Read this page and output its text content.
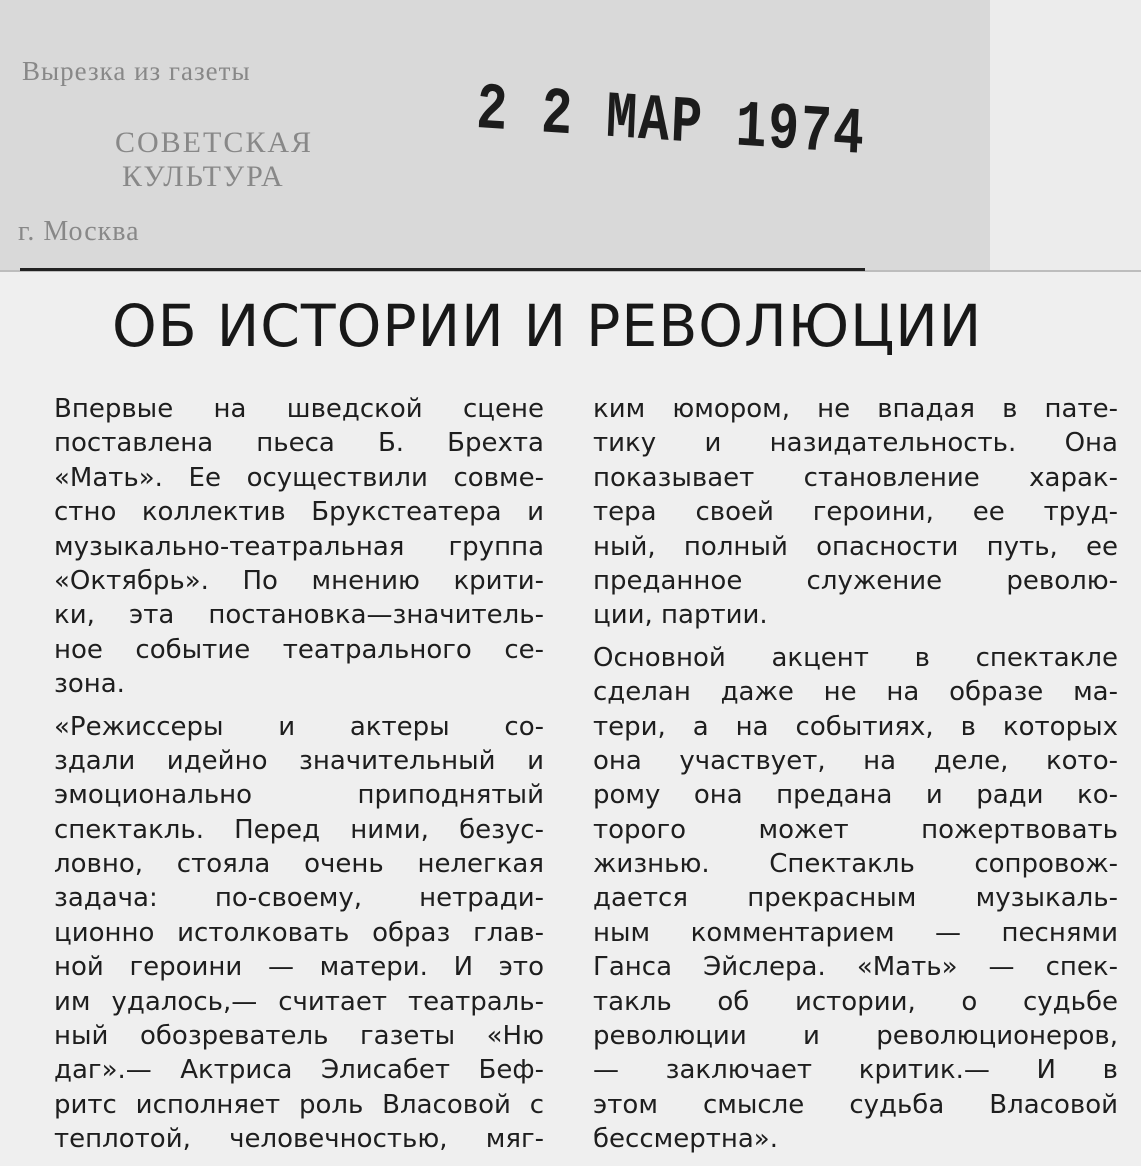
Вырезка из газеты
СОВЕТСКАЯ
КУЛЬТУРА
г. Москва
2 2 МАР 1974
ОБ ИСТОРИИ И РЕВОЛЮЦИИ
Впервые на шведской сцене
поставлена пьеса Б. Брехта
«Мать». Ее осуществили совме-
стно коллектив Брукстеатера и
музыкально-театральная группа
«Октябрь». По мнению крити-
ки, эта постановка—значитель-
ное событие театрального се-
зона.
«Режиссеры и актеры со-
здали идейно значительный и
эмоционально приподнятый
спектакль. Перед ними, безус-
ловно, стояла очень нелегкая
задача: по-своему, нетради-
ционно истолковать образ глав-
ной героини — матери. И это
им удалось,— считает театраль-
ный обозреватель газеты «Ню
даг».— Актриса Элисабет Беф-
ритс исполняет роль Власовой с
теплотой, человечностью, мяг-
ким юмором, не впадая в пате-
тику и назидательность. Она
показывает становление харак-
тера своей героини, ее труд-
ный, полный опасности путь, ее
преданное служение револю-
ции, партии.
Основной акцент в спектакле
сделан даже не на образе ма-
тери, а на событиях, в которых
она участвует, на деле, кото-
рому она предана и ради ко-
торого может пожертвовать
жизнью. Спектакль сопровож-
дается прекрасным музыкаль-
ным комментарием — песнями
Ганса Эйслера. «Мать» — спек-
такль об истории, о судьбе
революции и революционеров,
— заключает критик.— И в
этом смысле судьба Власовой
бессмертна».
